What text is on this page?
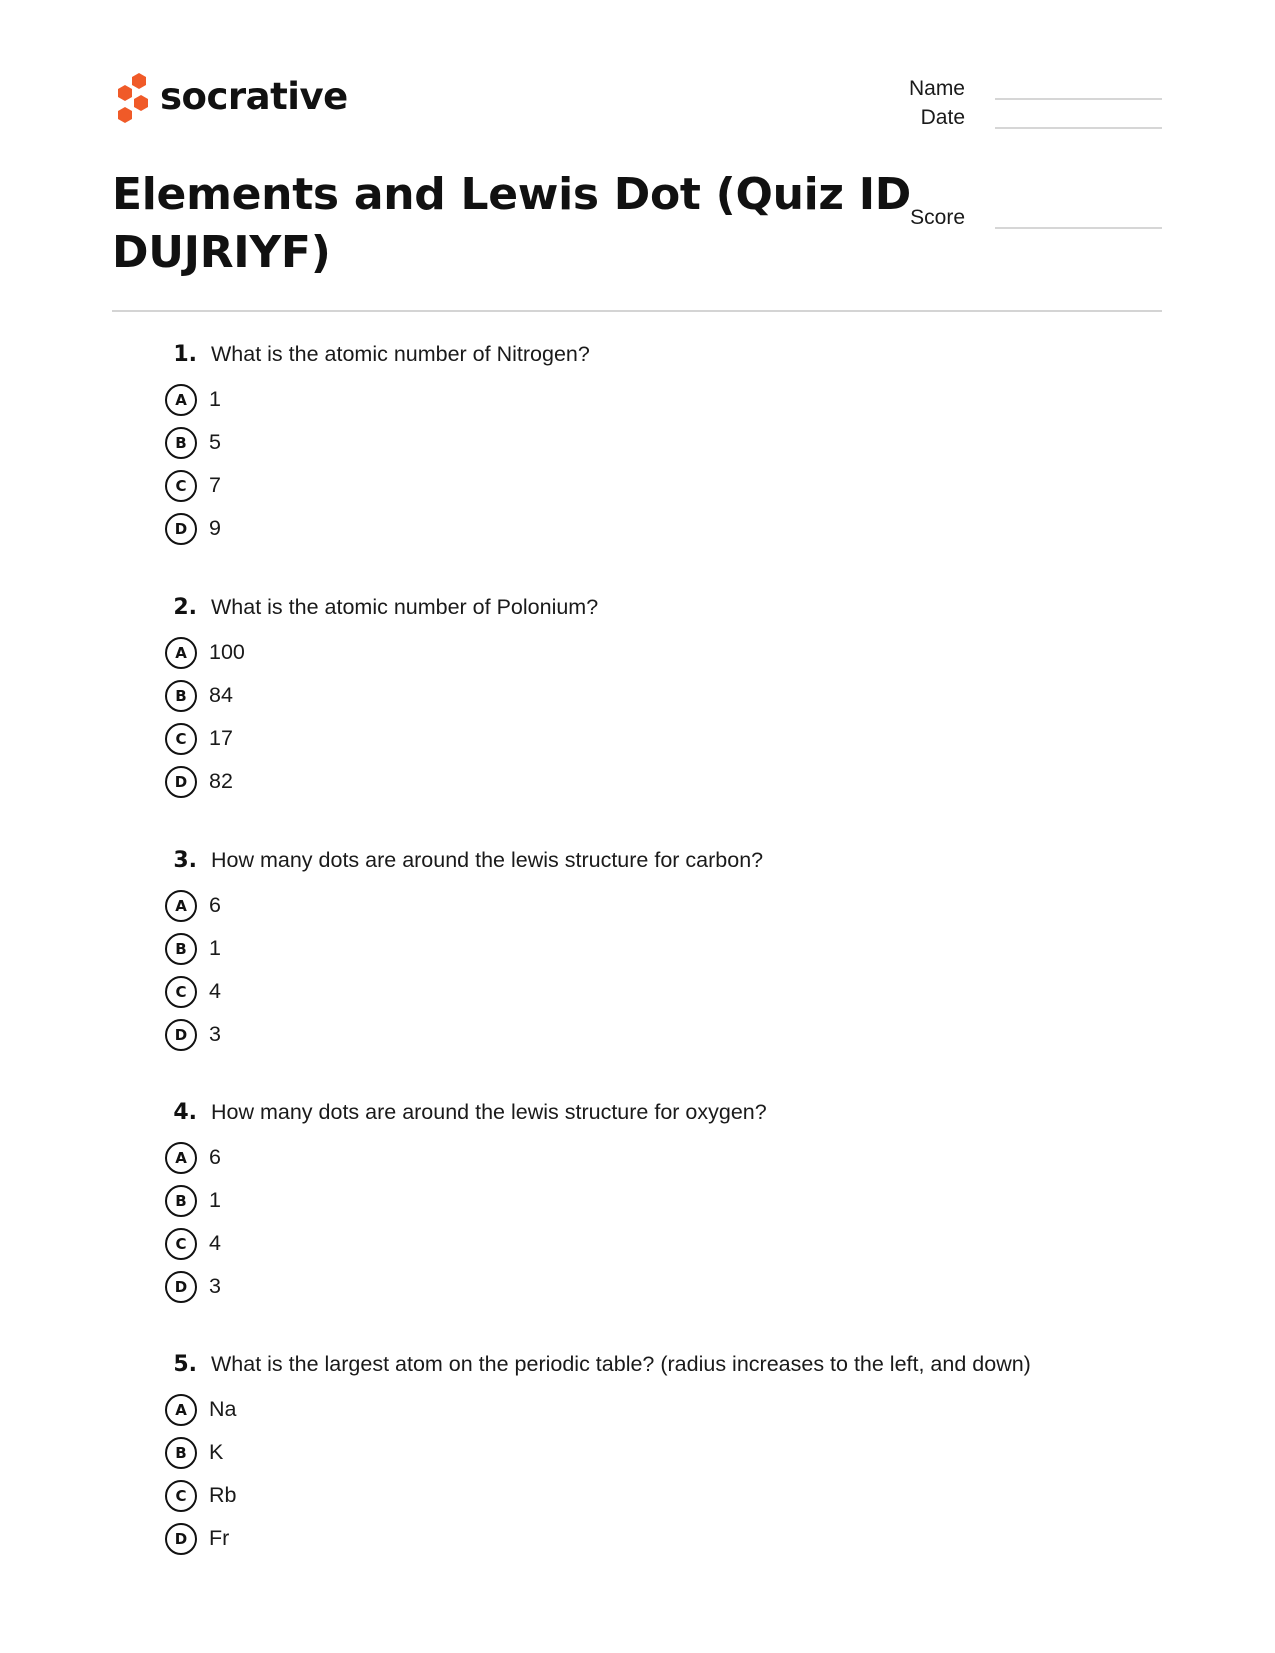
socrative	Name
Date
Score
Elements and Lewis Dot (Quiz ID DUJRIYF)
1. What is the atomic number of Nitrogen?
A	1
B	5
C	7
D	9
2. What is the atomic number of Polonium?
A	100
B	84
C	17
D	82
3. How many dots are around the lewis structure for carbon?
A	6
B	1
C	4
D	3
4. How many dots are around the lewis structure for oxygen?
A	6
B	1
C	4
D	3
5. What is the largest atom on the periodic table? (radius increases to the left, and down)
A	Na
B	K
C	Rb
D	Fr
